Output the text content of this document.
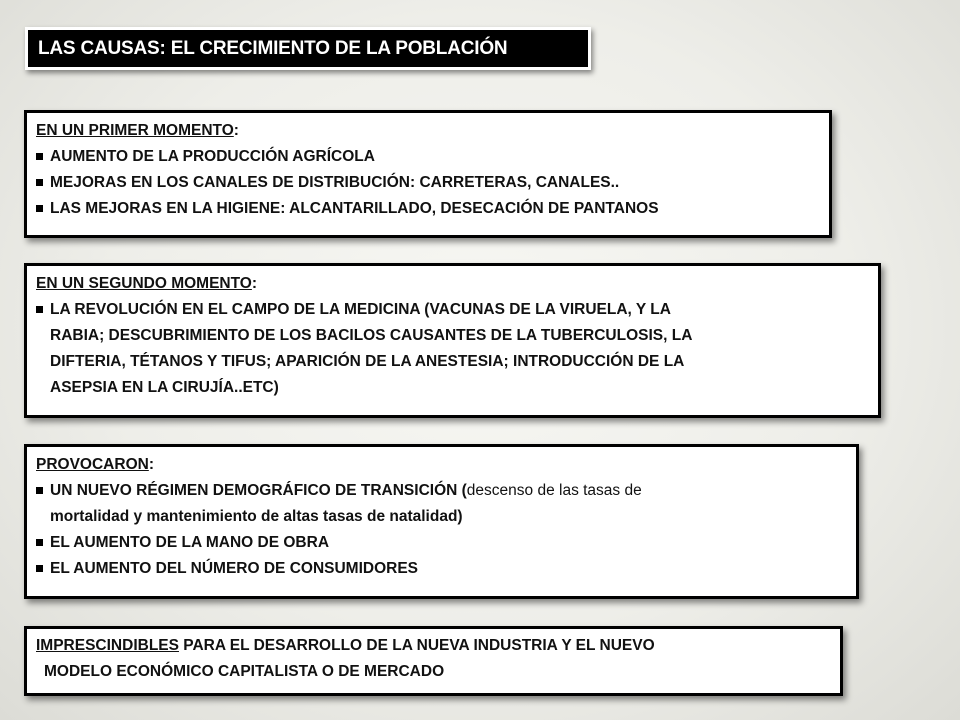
LAS CAUSAS: EL CRECIMIENTO DE LA POBLACIÓN
EN UN PRIMER MOMENTO:
AUMENTO DE LA PRODUCCIÓN AGRÍCOLA
MEJORAS EN LOS CANALES DE DISTRIBUCIÓN: CARRETERAS, CANALES..
LAS MEJORAS EN LA HIGIENE: ALCANTARILLADO, DESECACIÓN DE PANTANOS
EN UN SEGUNDO MOMENTO:
LA REVOLUCIÓN EN EL CAMPO DE LA MEDICINA (VACUNAS DE LA VIRUELA, Y LA
RABIA; DESCUBRIMIENTO DE LOS BACILOS CAUSANTES DE LA TUBERCULOSIS, LA
DIFTERIA, TÉTANOS Y TIFUS; APARICIÓN DE LA ANESTESIA; INTRODUCCIÓN DE LA
ASEPSIA EN LA CIRUJÍA..ETC)
PROVOCARON:
UN NUEVO RÉGIMEN DEMOGRÁFICO DE TRANSICIÓN (descenso de las tasas de
mortalidad y mantenimiento de altas tasas de natalidad)
EL AUMENTO DE LA MANO DE OBRA
EL AUMENTO DEL NÚMERO DE CONSUMIDORES
IMPRESCINDIBLES PARA EL DESARROLLO DE LA NUEVA INDUSTRIA Y EL NUEVO
MODELO ECONÓMICO CAPITALISTA O DE MERCADO
